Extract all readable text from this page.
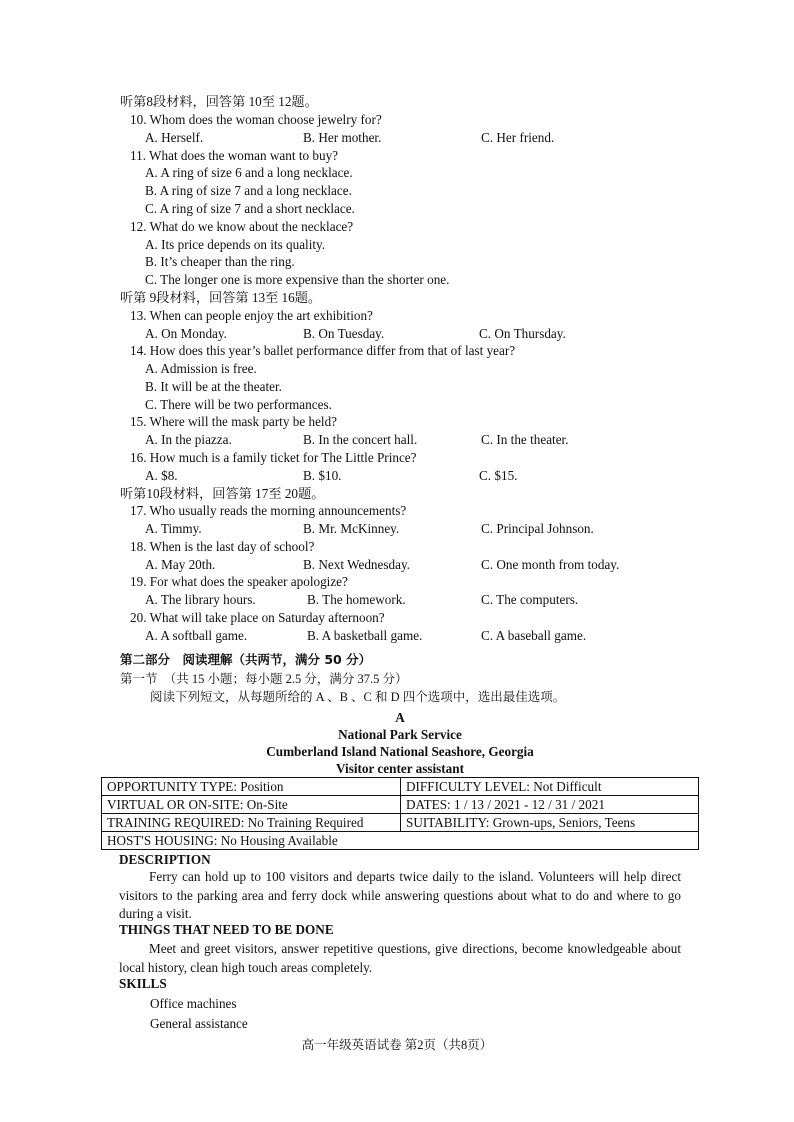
听第8段材料，回答第 10至 12题。
10. Whom does the woman choose jewelry for?
A. Herself.	B. Her mother.	C. Her friend.
11. What does the woman want to buy?
A. A ring of size 6 and a long necklace.
B. A ring of size 7 and a long necklace.
C. A ring of size 7 and a short necklace.
12. What do we know about the necklace?
A. Its price depends on its quality.
B. It’s cheaper than the ring.
C. The longer one is more expensive than the shorter one.
听第 9段材料，回答第 13至 16题。
13. When can people enjoy the art exhibition?
A. On Monday.	B. On Tuesday.	C. On Thursday.
14. How does this year’s ballet performance differ from that of last year?
A. Admission is free.
B. It will be at the theater.
C. There will be two performances.
15. Where will the mask party be held?
A. In the piazza.	B. In the concert hall.	C. In the theater.
16. How much is a family ticket for The Little Prince?
A. $8.	B. $10.	C. $15.
听第10段材料，回答第 17至 20题。
17. Who usually reads the morning announcements?
A. Timmy.	B. Mr. McKinney.	C. Principal Johnson.
18. When is the last day of school?
A. May 20th.	B. Next Wednesday.	C. One month from today.
19. For what does the speaker apologize?
A. The library hours.	B. The homework.	C. The computers.
20. What will take place on Saturday afternoon?
A. A softball game.	B. A basketball game.	C. A baseball game.
第二部分　阅读理解（共两节，满分 50 分）
第一节　（共 15 小题；每小题 2.5 分，满分 37.5 分）
阅读下列短文，从每题所给的 A 、B 、C 和 D 四个选项中，选出最佳选项。
A
National Park Service
Cumberland Island National Seashore, Georgia
Visitor center assistant
OPPORTUNITY TYPE: Position	DIFFICULTY LEVEL: Not Difficult
VIRTUAL OR ON-SITE: On-Site	DATES: 1 / 13 / 2021 - 12 / 31 / 2021
TRAINING REQUIRED: No Training Required	SUITABILITY: Grown-ups, Seniors, Teens
HOST'S HOUSING: No Housing Available	
DESCRIPTION
Ferry can hold up to 100 visitors and departs twice daily to the island. Volunteers will help direct visitors to the parking area and ferry dock while answering questions about what to do and where to go during a visit.
THINGS THAT NEED TO BE DONE
Meet and greet visitors, answer repetitive questions, give directions, become knowledgeable about local history, clean high touch areas completely.
SKILLS
Office machines
General assistance
高一年级英语试卷 第2页（共8页）
